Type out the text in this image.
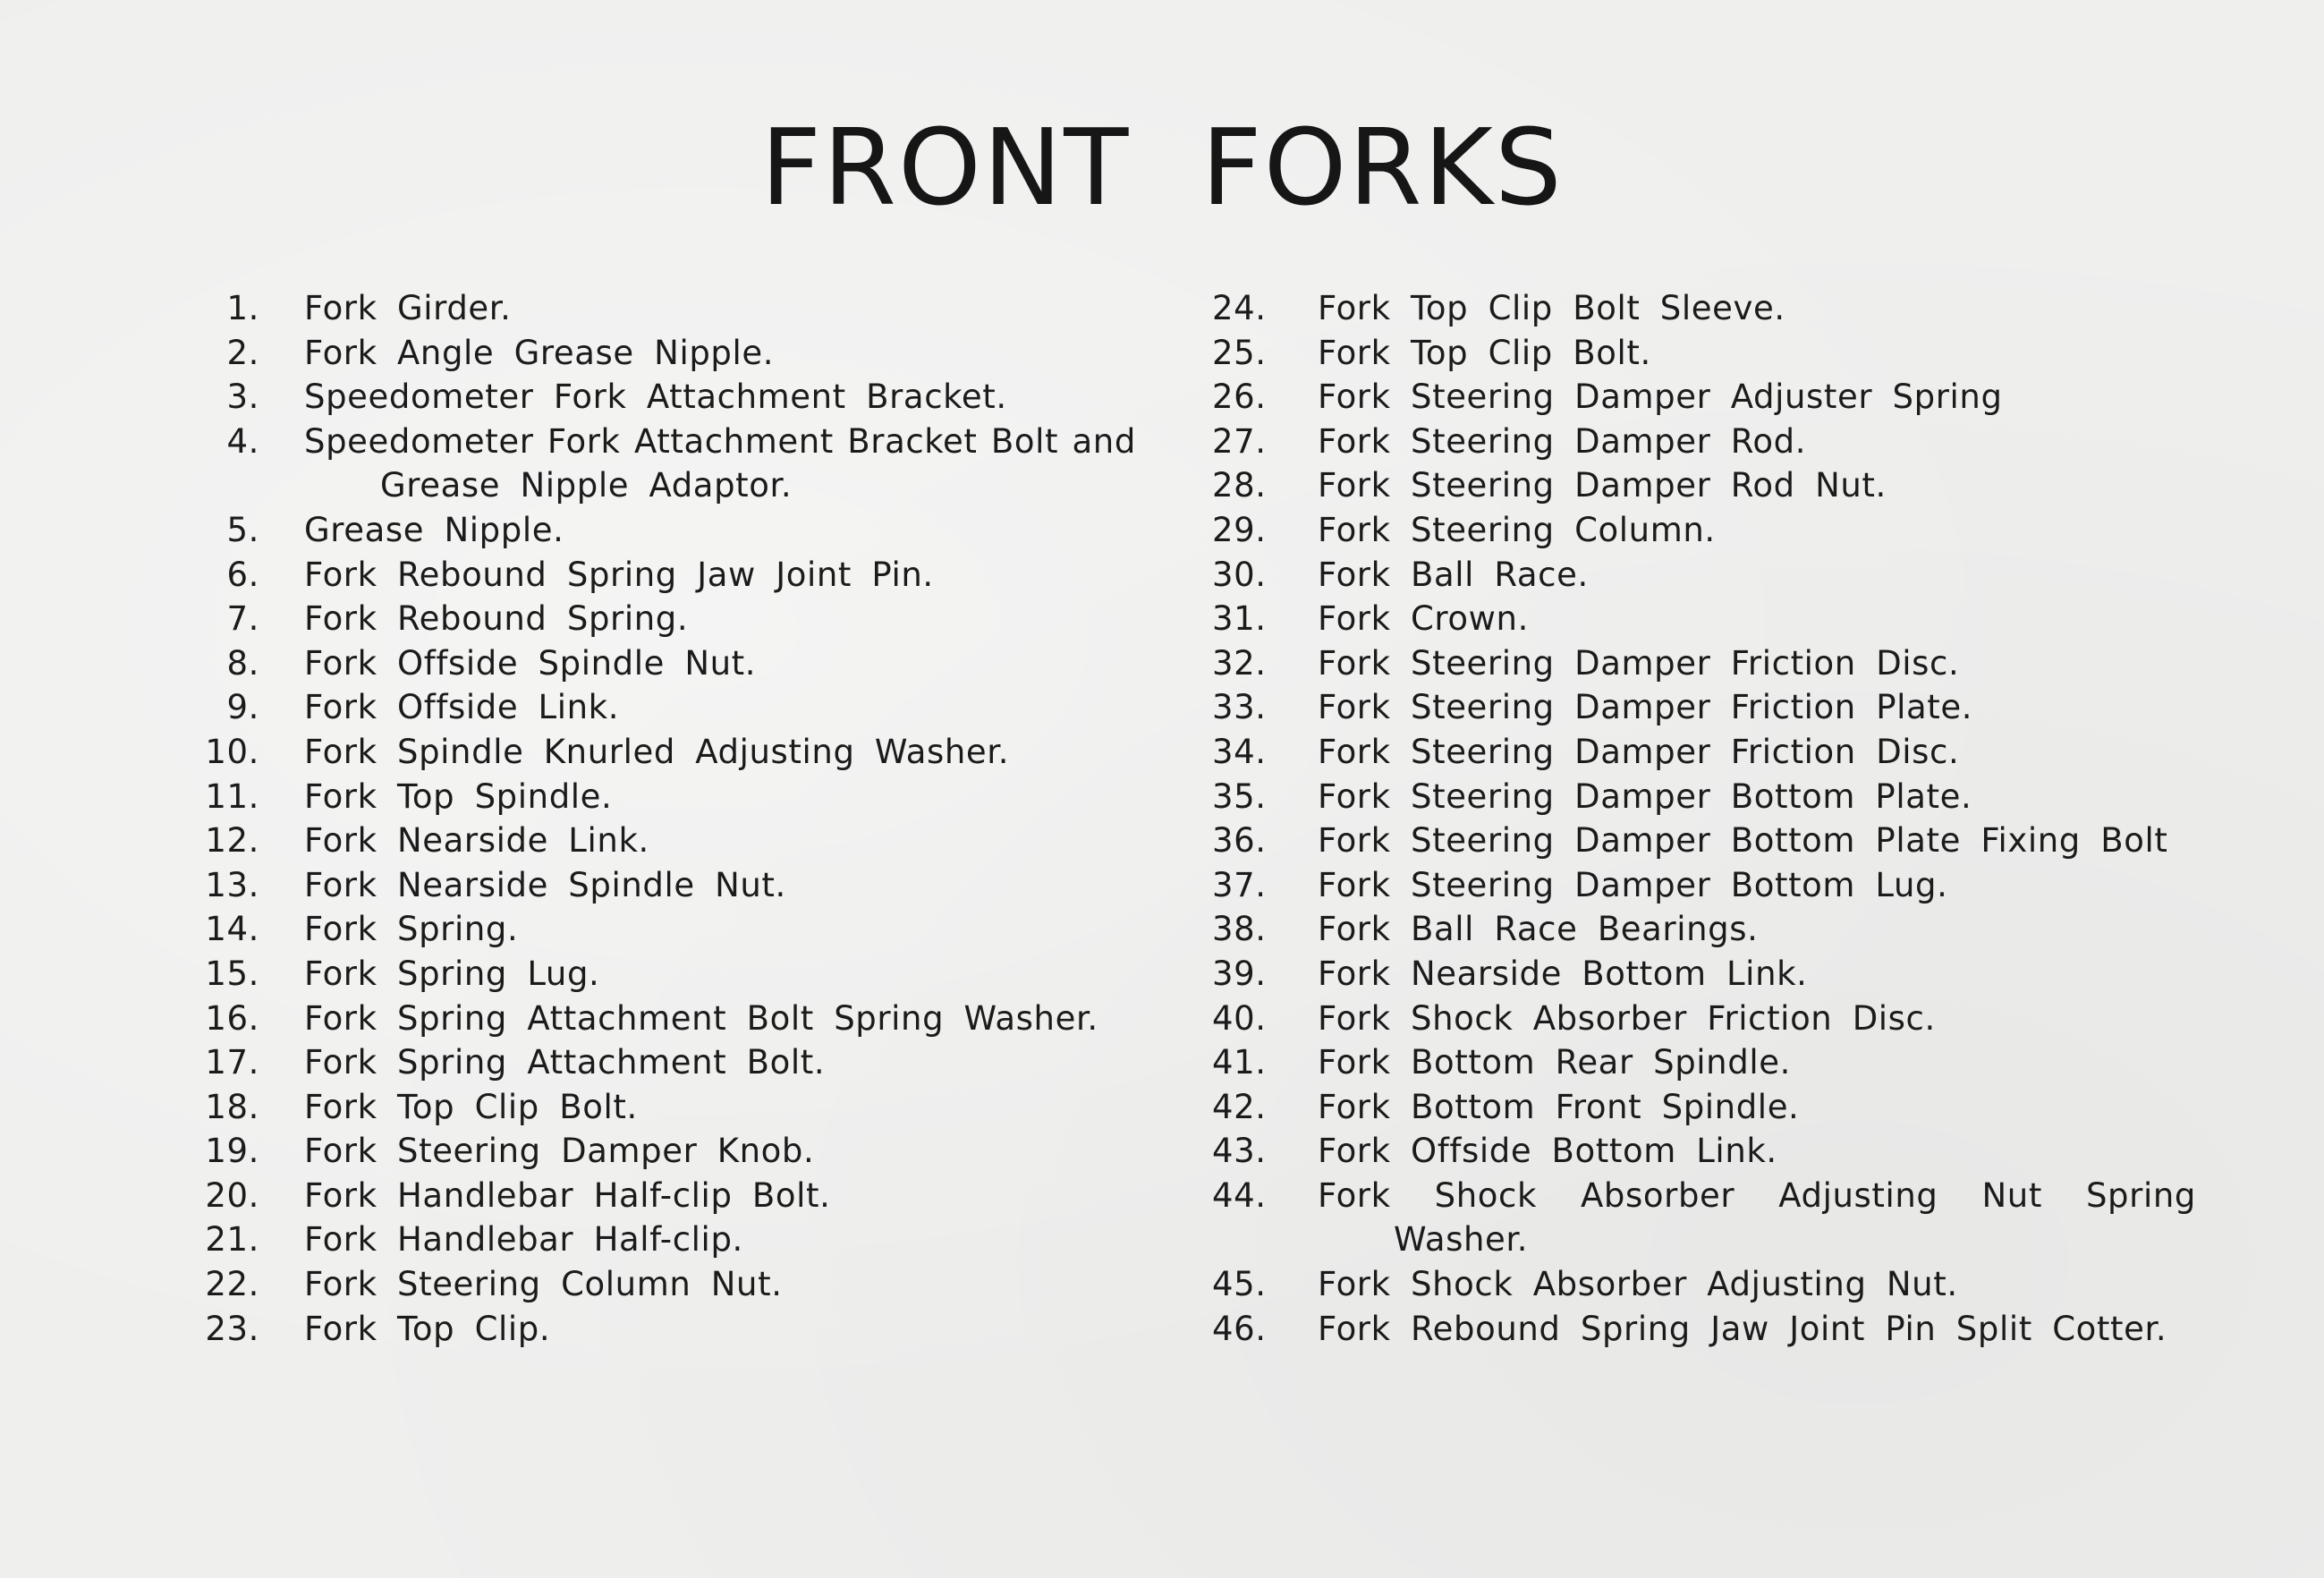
FRONT FORKS
1. Fork Girder.
2. Fork Angle Grease Nipple.
3. Speedometer Fork Attachment Bracket.
4. Speedometer Fork Attachment Bracket Bolt and
Grease Nipple Adaptor.
5. Grease Nipple.
6. Fork Rebound Spring Jaw Joint Pin.
7. Fork Rebound Spring.
8. Fork Offside Spindle Nut.
9. Fork Offside Link.
10. Fork Spindle Knurled Adjusting Washer.
11. Fork Top Spindle.
12. Fork Nearside Link.
13. Fork Nearside Spindle Nut.
14. Fork Spring.
15. Fork Spring Lug.
16. Fork Spring Attachment Bolt Spring Washer.
17. Fork Spring Attachment Bolt.
18. Fork Top Clip Bolt.
19. Fork Steering Damper Knob.
20. Fork Handlebar Half-clip Bolt.
21. Fork Handlebar Half-clip.
22. Fork Steering Column Nut.
23. Fork Top Clip.
24.	Fork Top Clip Bolt Sleeve.
25.	Fork Top Clip Bolt.
26.	Fork Steering Damper Adjuster Spring
27.	Fork Steering Damper Rod.
28.	Fork Steering Damper Rod Nut.
29.	Fork Steering Column.
30.	Fork Ball Race.
31.	Fork Crown.
32.	Fork Steering Damper Friction Disc.
33.	Fork Steering Damper Friction Plate.
34.	Fork Steering Damper Friction Disc.
35.	Fork Steering Damper Bottom Plate.
36.	Fork Steering Damper Bottom Plate Fixing Bolt
37.	Fork Steering Damper Bottom Lug.
38.	Fork Ball Race Bearings.
39.	Fork Nearside Bottom Link.
40.	Fork Shock Absorber Friction Disc.
41.	Fork Bottom Rear Spindle.
42.	Fork Bottom Front Spindle.
43.	Fork Offside Bottom Link.
44.	Fork Shock Absorber Adjusting Nut Spring
Washer.
45.	Fork Shock Absorber Adjusting Nut.
46.	Fork Rebound Spring Jaw Joint Pin Split Cotter.
